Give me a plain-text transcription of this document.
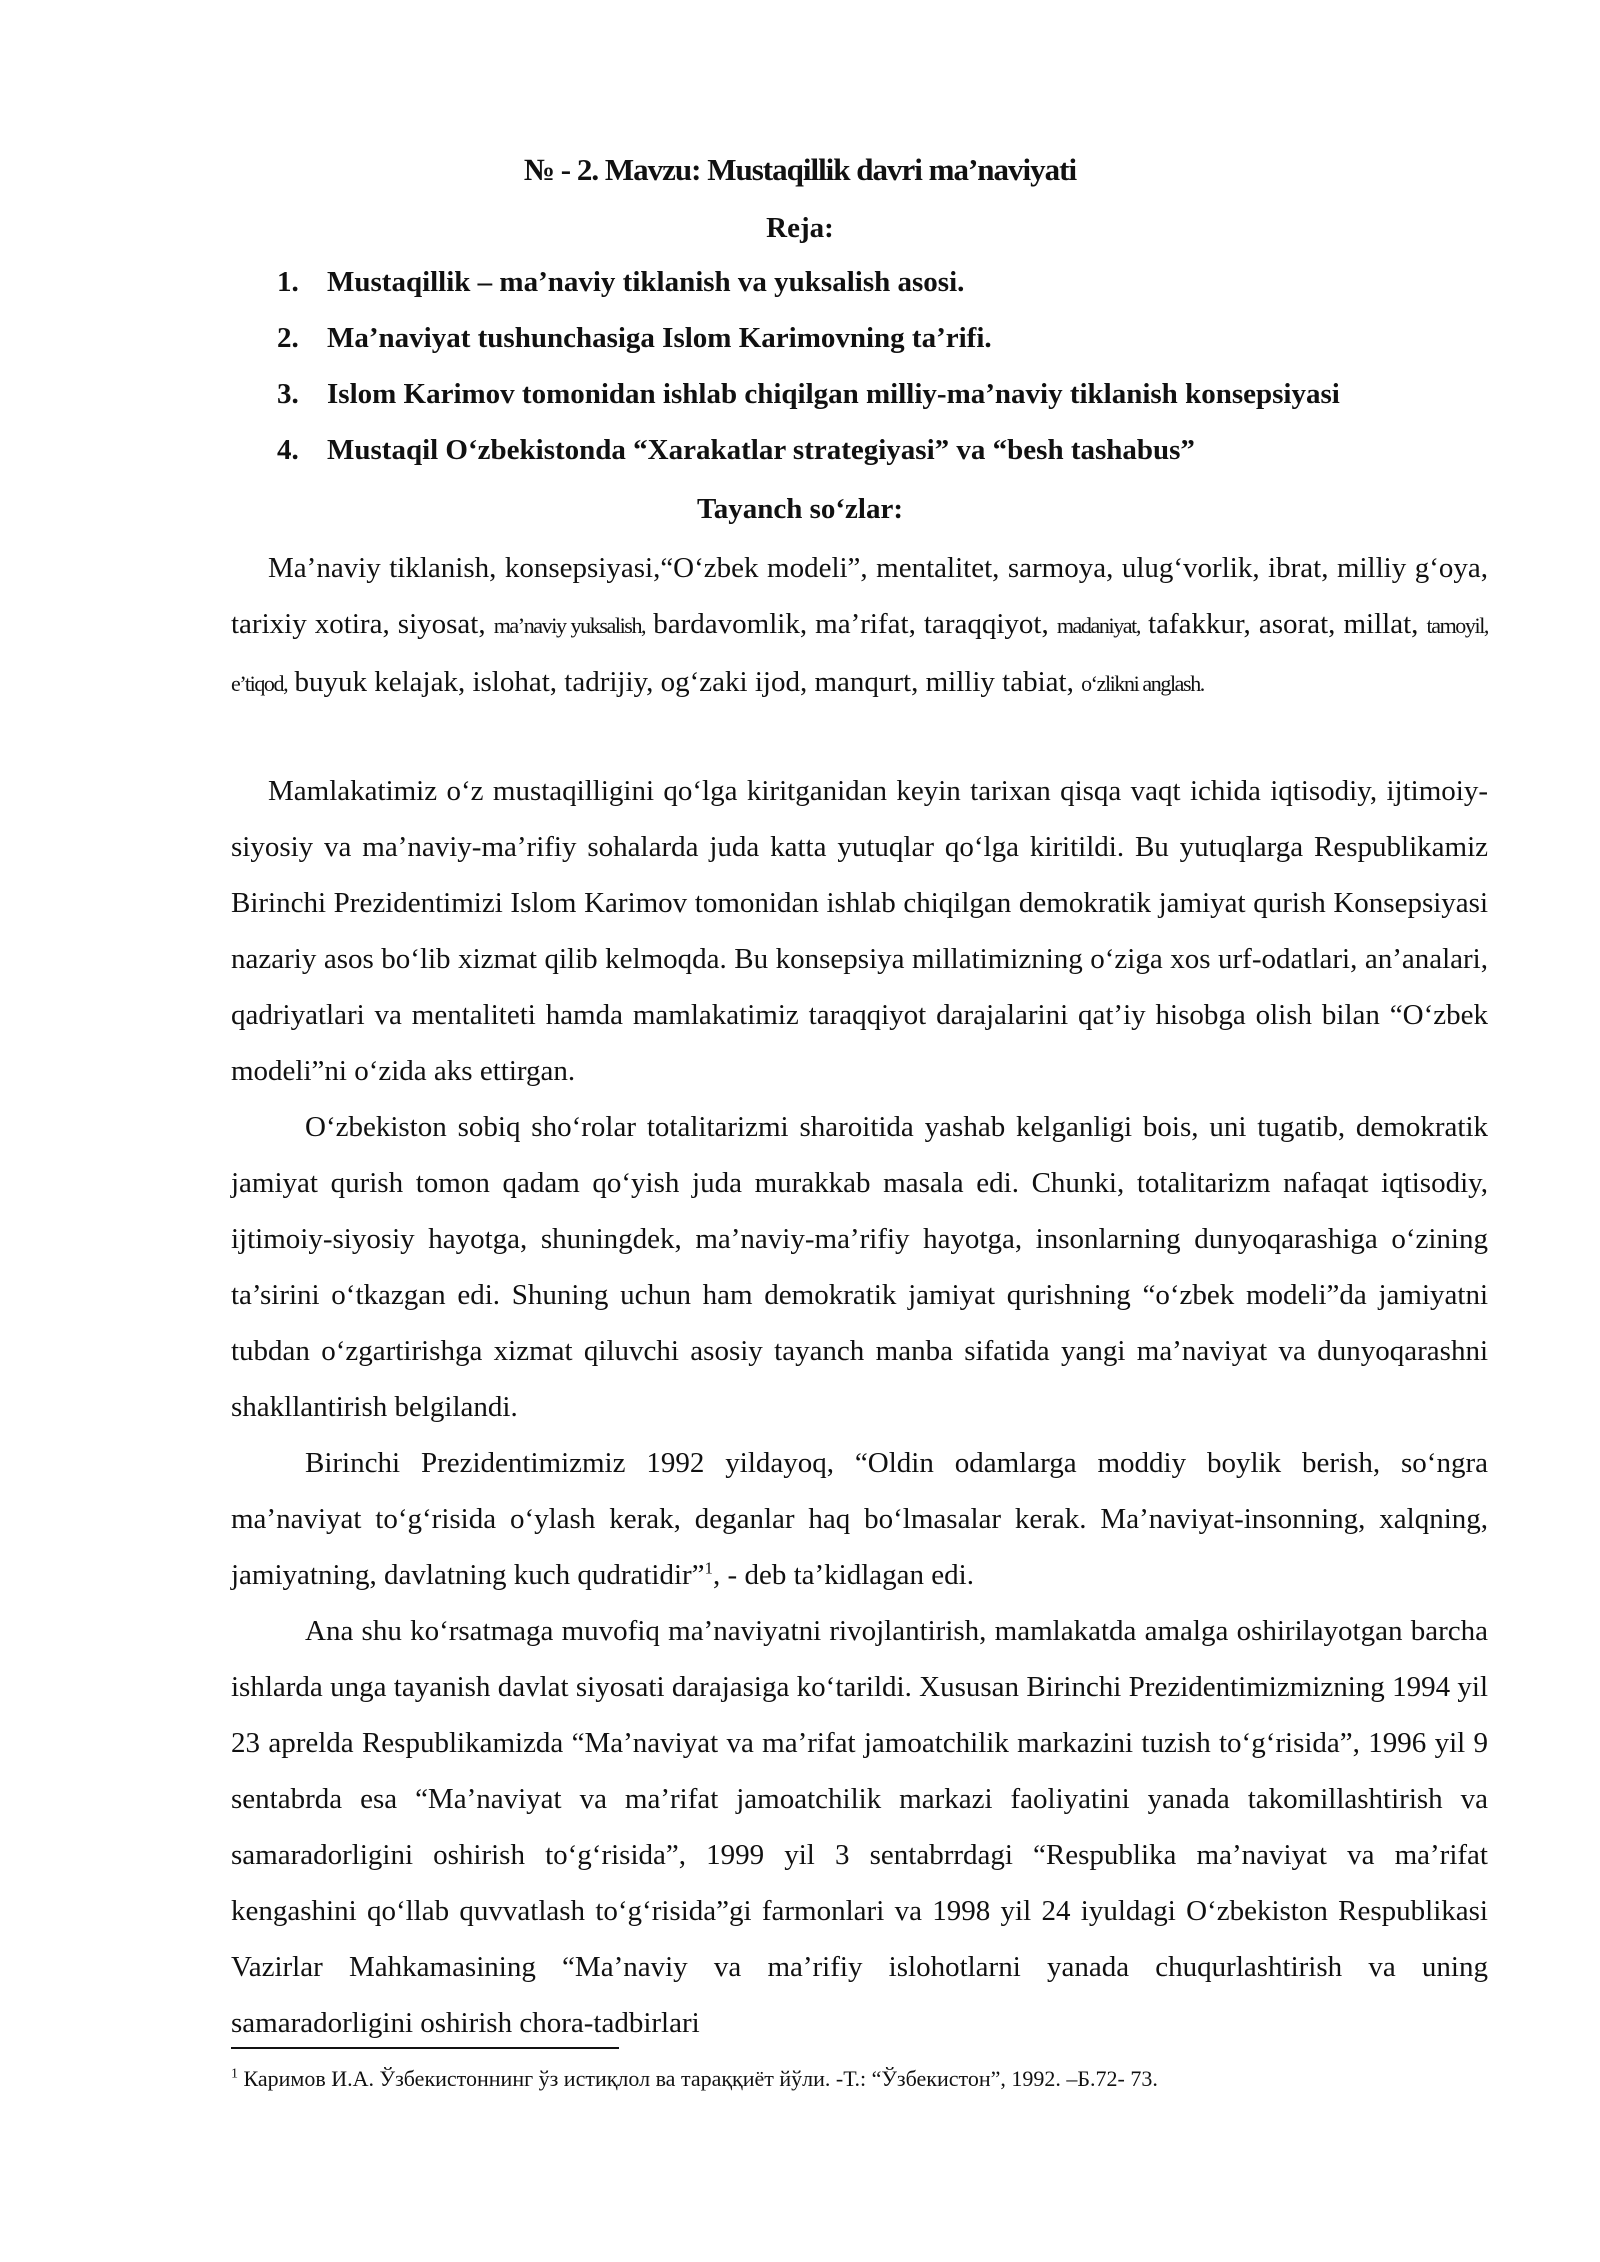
№ - 2. Mavzu: Mustaqillik davri ma’naviyati
Reja:
1. Mustaqillik – ma’naviy tiklanish va yuksalish asosi.
2. Ma’naviyat tushunchasiga Islom Karimovning ta’rifi.
3. Islom Karimov tomonidan ishlab chiqilgan milliy-ma’naviy tiklanish konsepsiyasi
4. Mustaqil O‘zbekistonda “Xarakatlar strategiyasi” va “besh tashabus”
Tayanch so‘zlar:

Ma’naviy tiklanish, konsepsiyasi,“O‘zbek modeli”, mentalitet, sarmoya, ulug‘vorlik, ibrat, milliy g‘oya, tarixiy xotira, siyosat, ma’naviy yuksalish, bardavomlik, ma’rifat, taraqqiyot, madaniyat, tafakkur, asorat, millat, tamoyil, e’tiqod, buyuk kelajak, islohat, tadrijiy, og‘zaki ijod, manqurt, milliy tabiat, o‘zlikni anglash.

Mamlakatimiz o‘z mustaqilligini qo‘lga kiritganidan keyin tarixan qisqa vaqt ichida iqtisodiy, ijtimoiy-siyosiy va ma’naviy-ma’rifiy sohalarda juda katta yutuqlar qo‘lga kiritildi. Bu yutuqlarga Respublikamiz Birinchi Prezidentimizi Islom Karimov tomonidan ishlab chiqilgan demokratik jamiyat qurish Konsepsiyasi nazariy asos bo‘lib xizmat qilib kelmoqda. Bu konsepsiya millatimizning o‘ziga xos urf-odatlari, an’analari, qadriyatlari va mentaliteti hamda mamlakatimiz taraqqiyot darajalarini qat’iy hisobga olish bilan “O‘zbek modeli”ni o‘zida aks ettirgan.

O‘zbekiston sobiq sho‘rolar totalitarizmi sharoitida yashab kelganligi bois, uni tugatib, demokratik jamiyat qurish tomon qadam qo‘yish juda murakkab masala edi. Chunki, totalitarizm nafaqat iqtisodiy, ijtimoiy-siyosiy hayotga, shuningdek, ma’naviy-ma’rifiy hayotga, insonlarning dunyoqarashiga o‘zining ta’sirini o‘tkazgan edi. Shuning uchun ham demokratik jamiyat qurishning “o‘zbek modeli”da jamiyatni tubdan o‘zgartirishga xizmat qiluvchi asosiy tayanch manba sifatida yangi ma’naviyat va dunyoqarashni shakllantirish belgilandi.

Birinchi Prezidentimizmiz 1992 yildayoq, “Oldin odamlarga moddiy boylik berish, so‘ngra ma’naviyat to‘g‘risida o‘ylash kerak, deganlar haq bo‘lmasalar kerak. Ma’naviyat-insonning, xalqning, jamiyatning, davlatning kuch qudratidir”$^1$, - deb ta’kidlagan edi.

Ana shu ko‘rsatmaga muvofiq ma’naviyatni rivojlantirish, mamlakatda amalga oshirilayotgan barcha ishlarda unga tayanish davlat siyosati darajasiga ko‘tarildi. Xususan Birinchi Prezidentimizmizning 1994 yil 23 aprelda Respublikamizda “Ma’naviyat va ma’rifat jamoatchilik markazini tuzish to‘g‘risida”, 1996 yil 9 sentabrda esa “Ma’naviyat va ma’rifat jamoatchilik markazi faoliyatini yanada takomillashtirish va samaradorligini oshirish to‘g‘risida”, 1999 yil 3 sentabrrdagi “Respublika ma’naviyat va ma’rifat kengashini qo‘llab quvvatlash to‘g‘risida”gi farmonlari va 1998 yil 24 iyuldagi O‘zbekiston Respublikasi Vazirlar Mahkamasining “Ma’naviy va ma’rifiy islohotlarni yanada chuqurlashtirish va uning samaradorligini oshirish chora-tadbirlari

$^1$ Каримов И.А. Ўзбекистоннинг ўз истиқлол ва тараққиёт йўли. -Т.: “Ўзбекистон”, 1992. –Б.72- 73.
